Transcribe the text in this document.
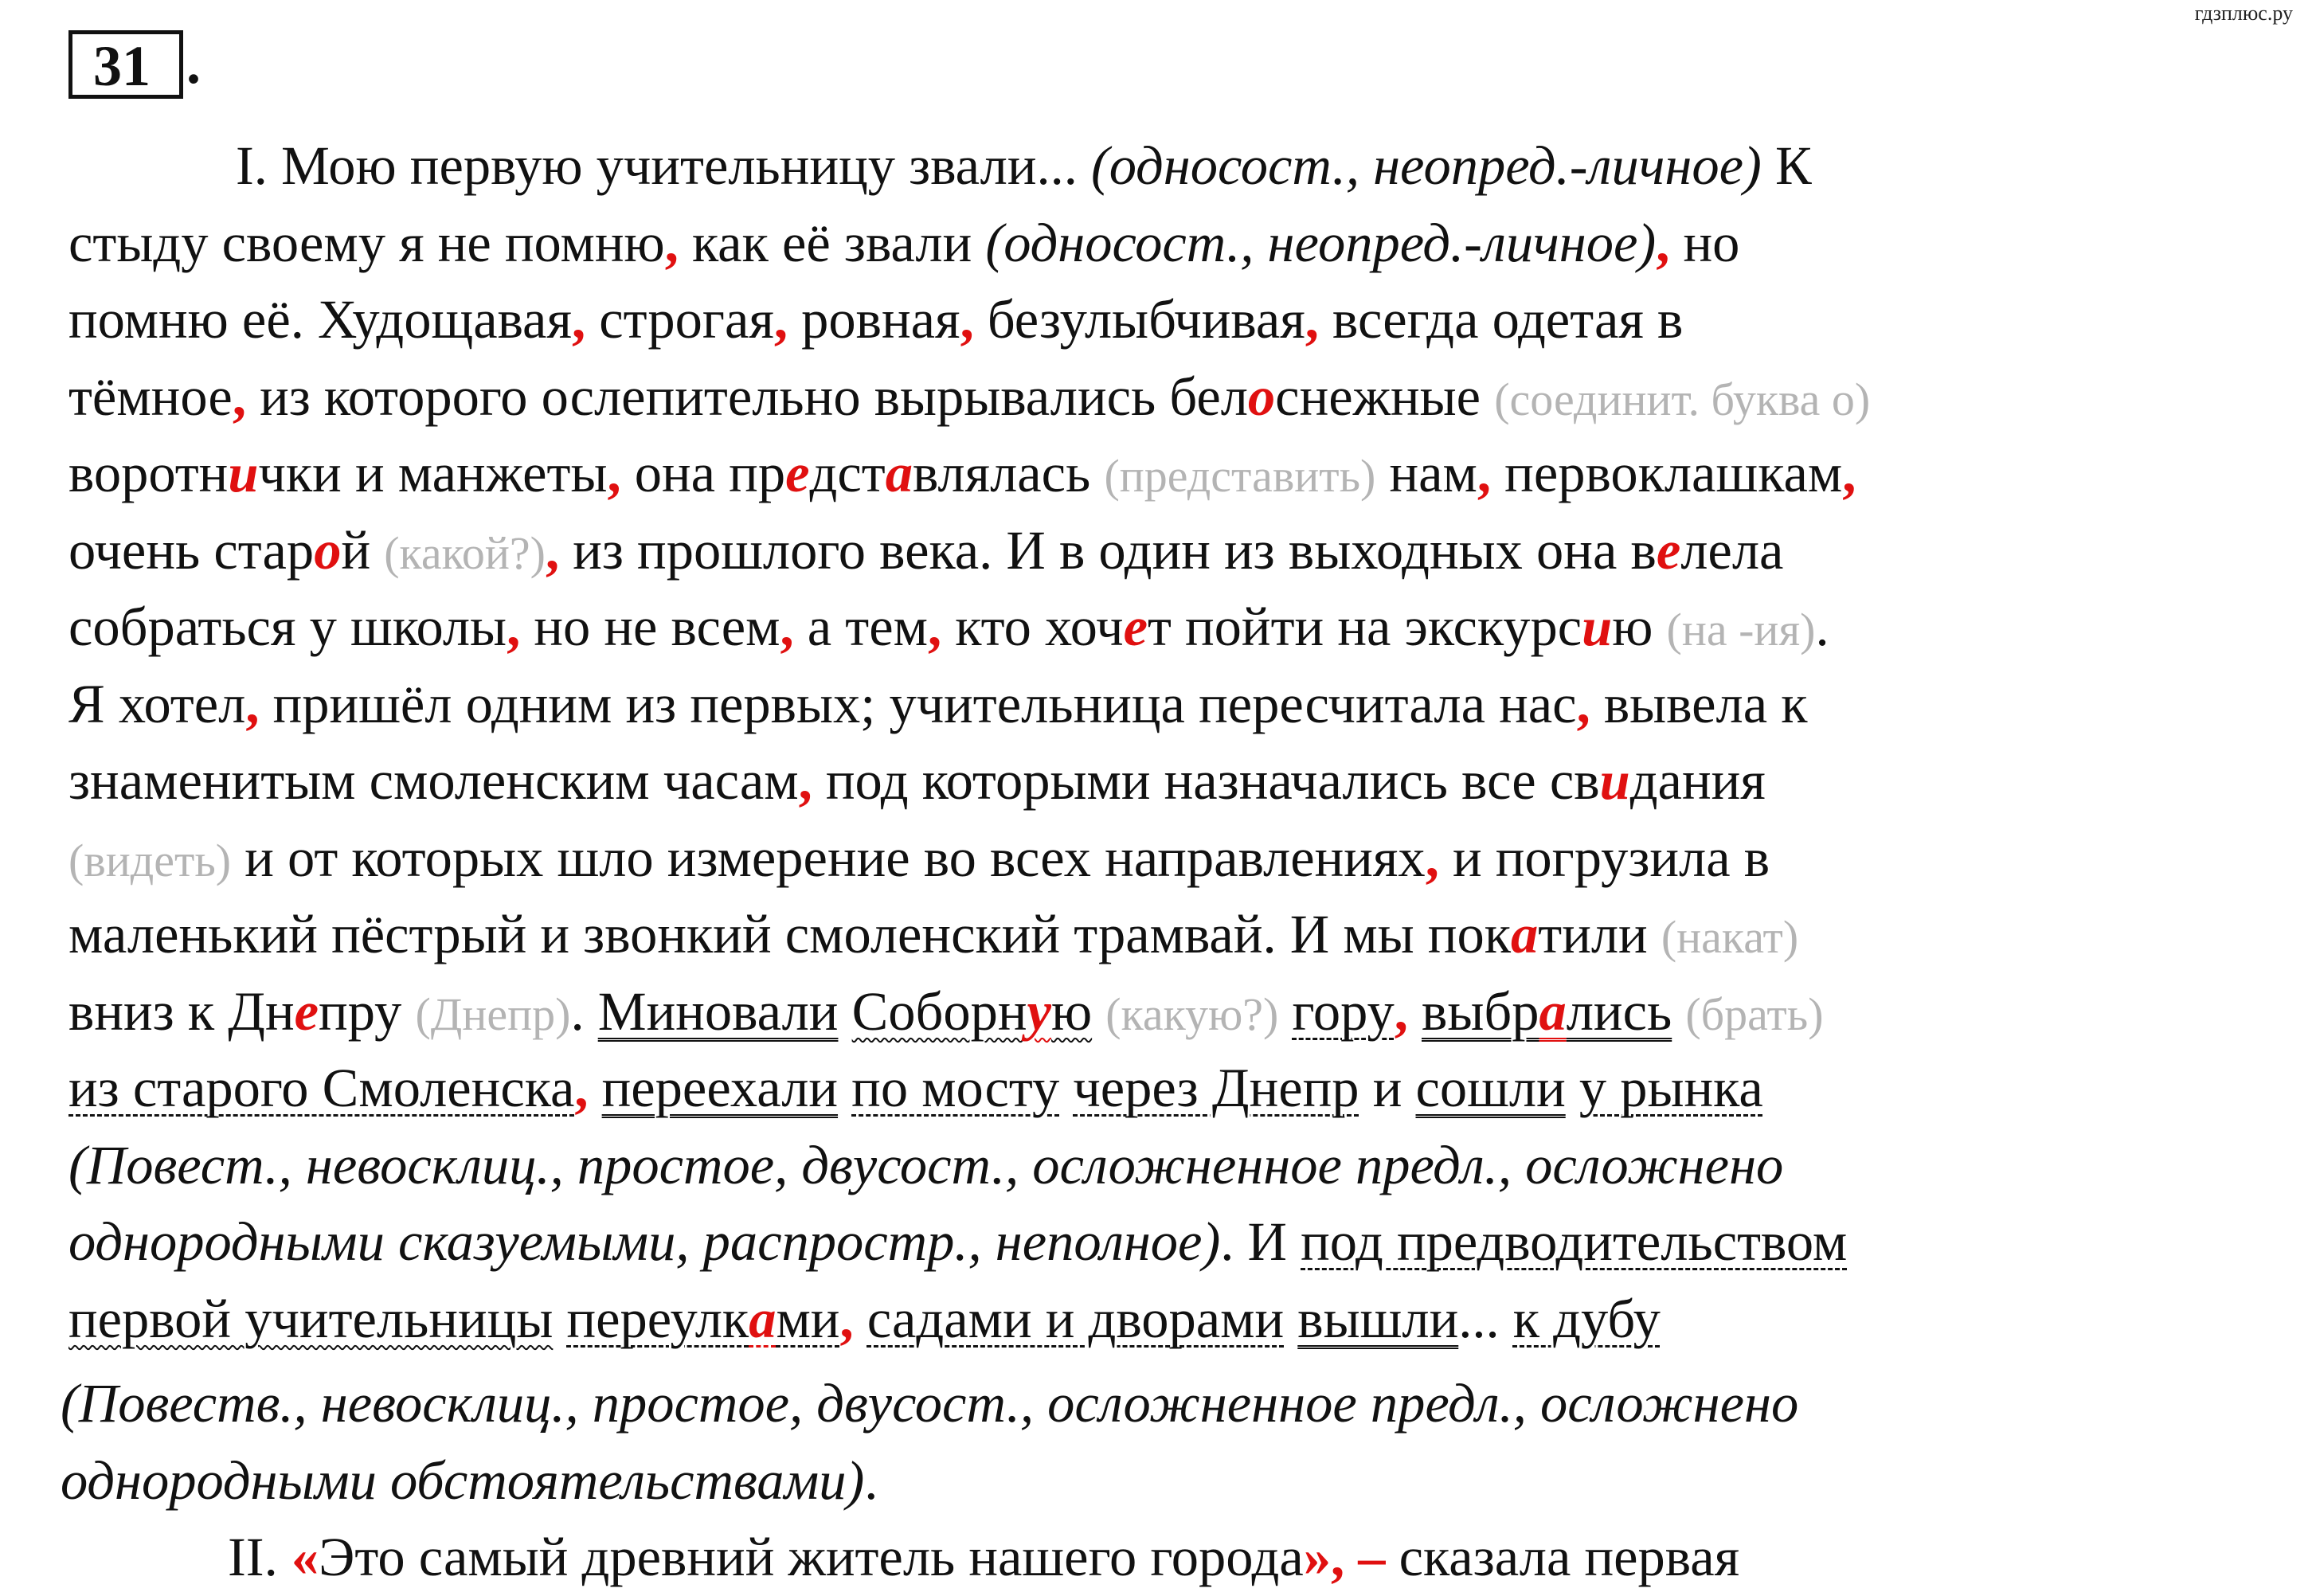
гдзплюс.ру
31 .
I. Мою первую учительницу звали... (односост., неопред.-личное) К
стыду своему я не помню, как её звали (односост., неопред.-личное), но
помню её. Худощавая, строгая, ровная, безулыбчивая, всегда одетая в
тёмное, из которого ослепительно вырывались белоснежные (соединит. буква о)
воротнички и манжеты, она представлялась (представить) нам, первоклашкам,
очень старой (какой?), из прошлого века. И в один из выходных она велела
собраться у школы, но не всем, а тем, кто хочет пойти на экскурсию (на -ия).
Я хотел, пришёл одним из первых; учительница пересчитала нас, вывела к
знаменитым смоленским часам, под которыми назначались все свидания
(видеть) и от которых шло измерение во всех направлениях, и погрузила в
маленький пёстрый и звонкий смоленский трамвай. И мы покатили (накат)
вниз к Днепру (Днепр). Миновали Соборную (какую?) гору, выбрались (брать)
из старого Смоленска, переехали по мосту через Днепр и сошли у рынка
(Повест., невосклиц., простое, двусост., осложненное предл., осложнено
однородными сказуемыми, распростр., неполное). И под предводительством
первой учительницы переулками, садами и дворами вышли... к дубу
(Повеств., невосклиц., простое, двусост., осложненное предл., осложнено
однородными обстоятельствами).
II. «Это самый древний житель нашего города», – сказала первая
